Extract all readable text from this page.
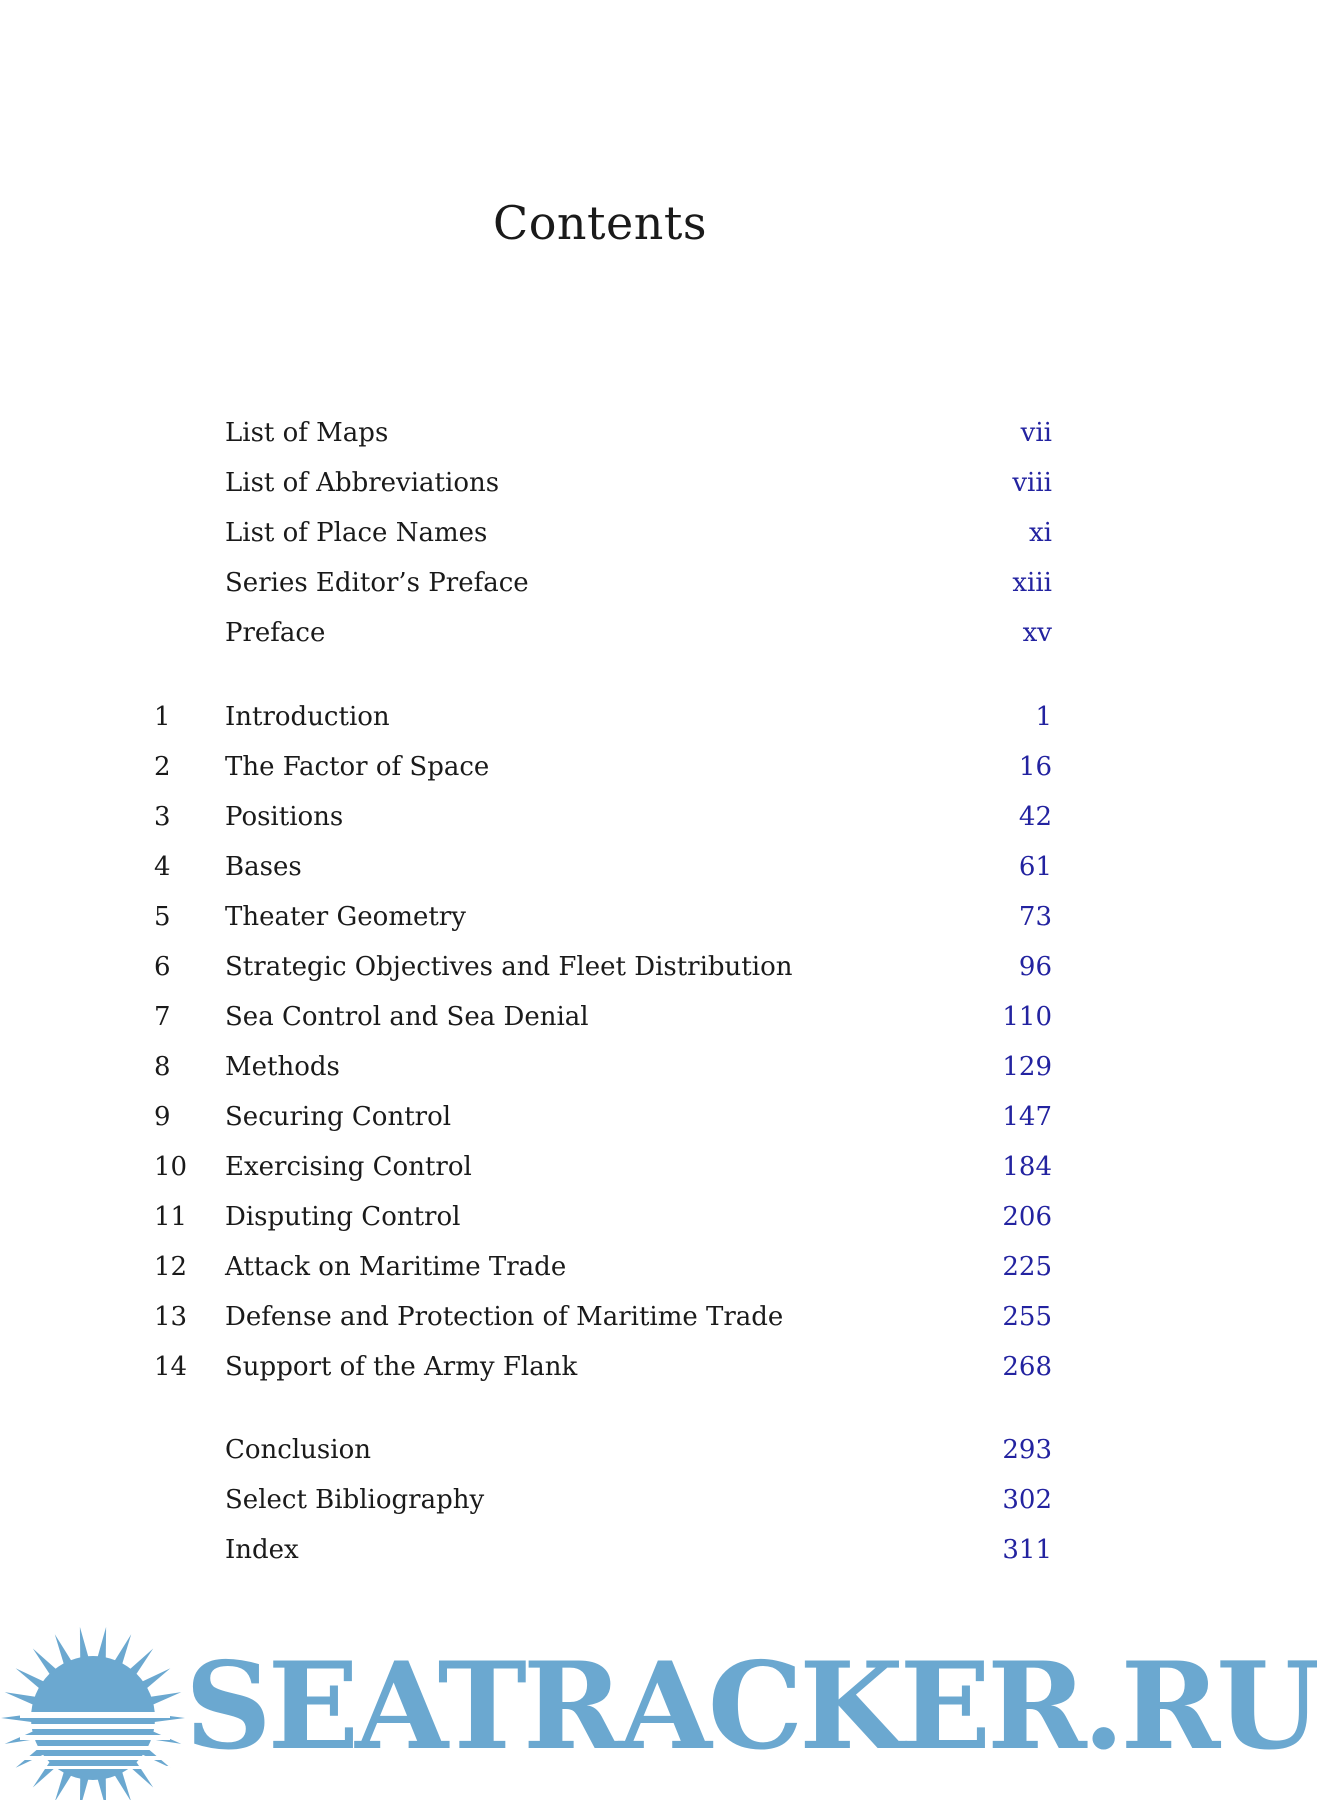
Contents
List of Maps	vii
List of Abbreviations	viii
List of Place Names	xi
Series Editor’s Preface	xiii
Preface	xv
1	Introduction	1
2	The Factor of Space	16
3	Positions	42
4	Bases	61
5	Theater Geometry	73
6	Strategic Objectives and Fleet Distribution	96
7	Sea Control and Sea Denial	110
8	Methods	129
9	Securing Control	147
10	Exercising Control	184
11	Disputing Control	206
12	Attack on Maritime Trade	225
13	Defense and Protection of Maritime Trade	255
14	Support of the Army Flank	268
Conclusion	293
Select Bibliography	302
Index	311
SEATRACKER.RU
